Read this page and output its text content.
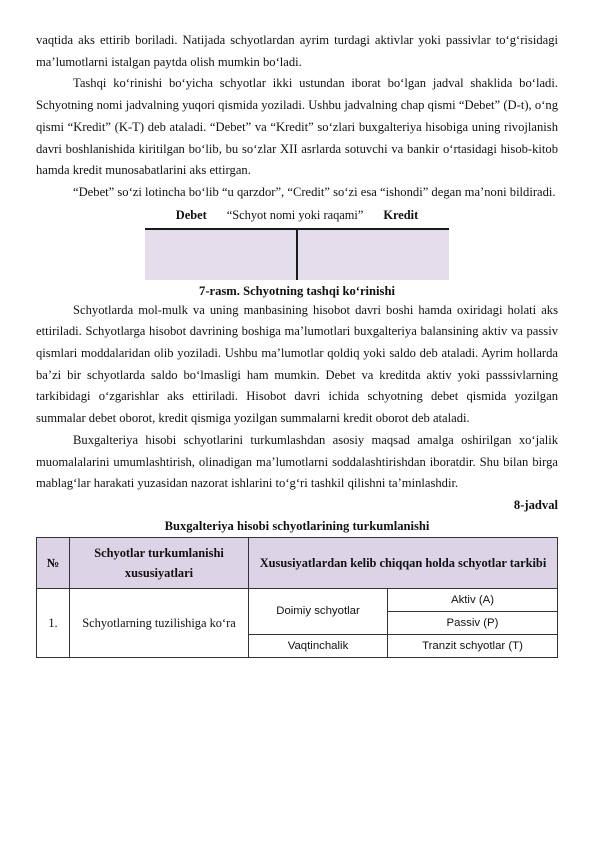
vaqtida aks ettirib boriladi. Natijada schyotlardan ayrim turdagi aktivlar yoki passivlar to‘g‘risidagi ma’lumotlarni istalgan paytda olish mumkin bo‘ladi.

Tashqi ko‘rinishi bo‘yicha schyotlar ikki ustundan iborat bo‘lgan jadval shaklida bo‘ladi. Schyotning nomi jadvalning yuqori qismida yoziladi. Ushbu jadvalning chap qismi “Debet” (D-t), o‘ng qismi “Kredit” (K-T) deb ataladi. “Debet” va “Kredit” so‘zlari buxgalteriya hisobiga uning rivojlanish davri boshlanishida kiritilgan bo‘lib, bu so‘zlar XII asrlarda sotuvchi va bankir o‘rtasidagi hisob-kitob hamda kredit munosabatlarini aks ettirgan.

“Debet” so‘zi lotincha bo‘lib “u qarzdor”, “Credit” so‘zi esa “ishondi” degan ma’noni bildiradi.

Debet “Schyot nomi yoki raqami” Kredit
7-rasm. Schyotning tashqi ko‘rinishi

Schyotlarda mol-mulk va uning manbasining hisobot davri boshi hamda oxiridagi holati aks ettiriladi. Schyotlarga hisobot davrining boshiga ma’lumotlari buxgalteriya balansining aktiv va passiv qismlari moddalaridan olib yoziladi. Ushbu ma’lumotlar qoldiq yoki saldo deb ataladi. Ayrim hollarda ba’zi bir schyotlarda saldo bo‘lmasligi ham mumkin. Debet va kreditda aktiv yoki passsivlarning tarkibidagi o‘zgarishlar aks ettiriladi. Hisobot davri ichida schyotning debet qismida yozilgan summalar debet oborot, kredit qismiga yozilgan summalarni kredit oborot deb ataladi.

Buxgalteriya hisobi schyotlarini turkumlashdan asosiy maqsad amalga oshirilgan xo‘jalik muomalalarini umumlashtirish, olinadigan ma’lumotlarni soddalashtirishdan iboratdir. Shu bilan birga mablag‘lar harakati yuzasidan nazorat ishlarini to‘g‘ri tashkil qilishni ta’minlashdir.

8-jadval
Buxgalteriya hisobi schyotlarining turkumlanishi
№	Schyotlar turkumlanishi xususiyatlari	Xususiyatlardan kelib chiqqan holda schyotlar tarkibi	
1.	Schyotlarning tuzilishiga ko‘ra	Doimiy schyotlar	Aktiv (A)
			Passiv (P)
		Vaqtinchalik	Tranzit schyotlar (T)
